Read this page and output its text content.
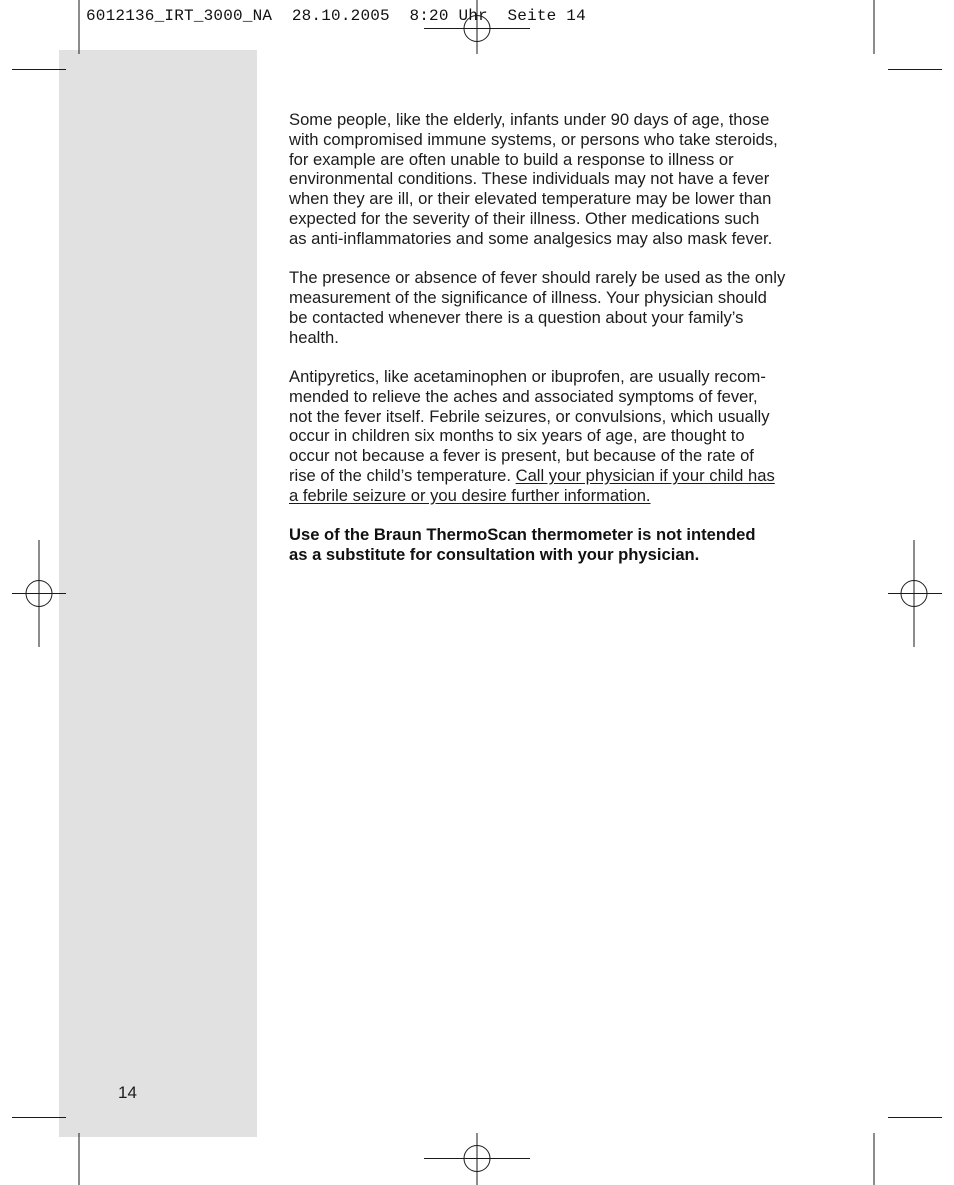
6012136_IRT_3000_NA  28.10.2005  8:20 Uhr  Seite 14

Some people, like the elderly, infants under 90 days of age, those
with compromised immune systems, or persons who take steroids,
for example are often unable to build a response to illness or
environmental conditions. These individuals may not have a fever
when they are ill, or their elevated temperature may be lower than
expected for the severity of their illness. Other medications such
as anti-inflammatories and some analgesics may also mask fever.

The presence or absence of fever should rarely be used as the only
measurement of the significance of illness. Your physician should
be contacted whenever there is a question about your family’s
health.

Antipyretics, like acetaminophen or ibuprofen, are usually recom-
mended to relieve the aches and associated symptoms of fever,
not the fever itself. Febrile seizures, or convulsions, which usually
occur in children six months to six years of age, are thought to
occur not because a fever is present, but because of the rate of
rise of the child’s temperature. Call your physician if your child has
a febrile seizure or you desire further information.

Use of the Braun ThermoScan thermometer is not intended
as a substitute for consultation with your physician.

14
